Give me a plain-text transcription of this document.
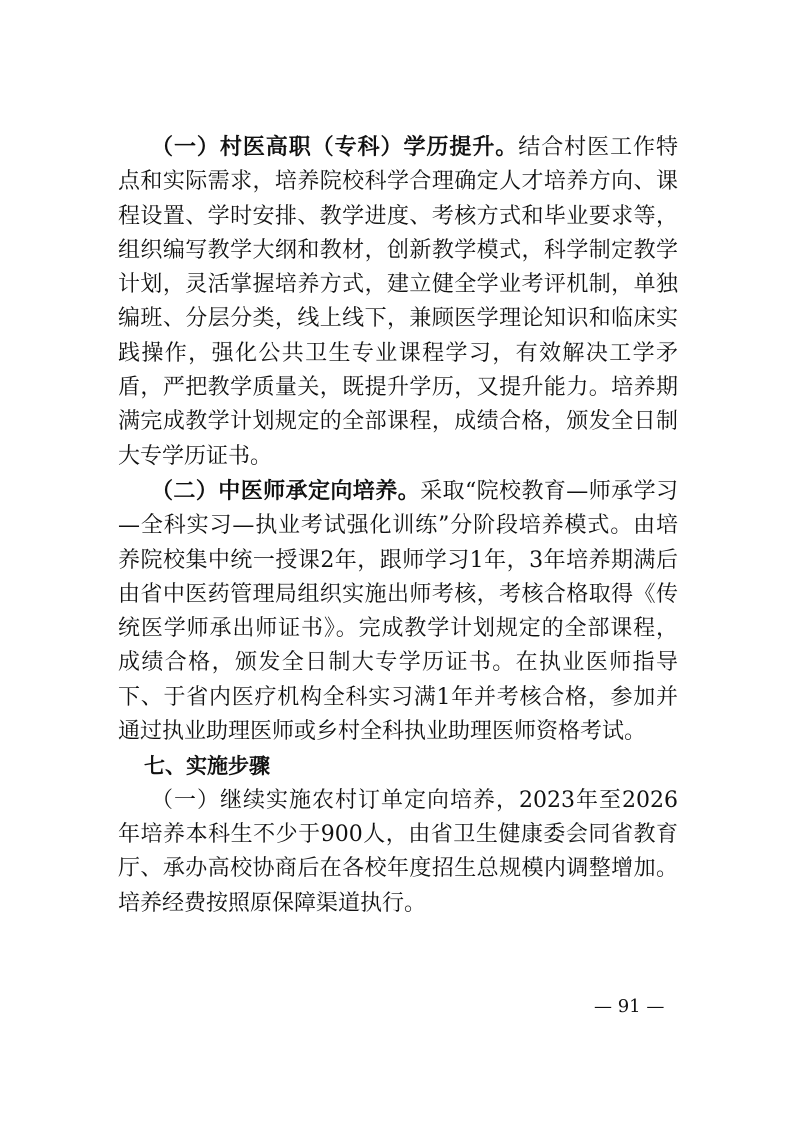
（一）村医高职（专科）学历提升。结合村医工作特点和实际需求，培养院校科学合理确定人才培养方向、课程设置、学时安排、教学进度、考核方式和毕业要求等，组织编写教学大纲和教材，创新教学模式，科学制定教学计划，灵活掌握培养方式，建立健全学业考评机制，单独编班、分层分类，线上线下，兼顾医学理论知识和临床实践操作，强化公共卫生专业课程学习，有效解决工学矛盾，严把教学质量关，既提升学历，又提升能力。培养期满完成教学计划规定的全部课程，成绩合格，颁发全日制大专学历证书。

（二）中医师承定向培养。采取“院校教育—师承学习—全科实习—执业考试强化训练”分阶段培养模式。由培养院校集中统一授课2年，跟师学习1年，3年培养期满后由省中医药管理局组织实施出师考核，考核合格取得《传统医学师承出师证书》。完成教学计划规定的全部课程，成绩合格，颁发全日制大专学历证书。在执业医师指导下、于省内医疗机构全科实习满1年并考核合格，参加并通过执业助理医师或乡村全科执业助理医师资格考试。

七、实施步骤

（一）继续实施农村订单定向培养，2023年至2026年培养本科生不少于900人，由省卫生健康委会同省教育厅、承办高校协商后在各校年度招生总规模内调整增加。培养经费按照原保障渠道执行。

— 91 —
